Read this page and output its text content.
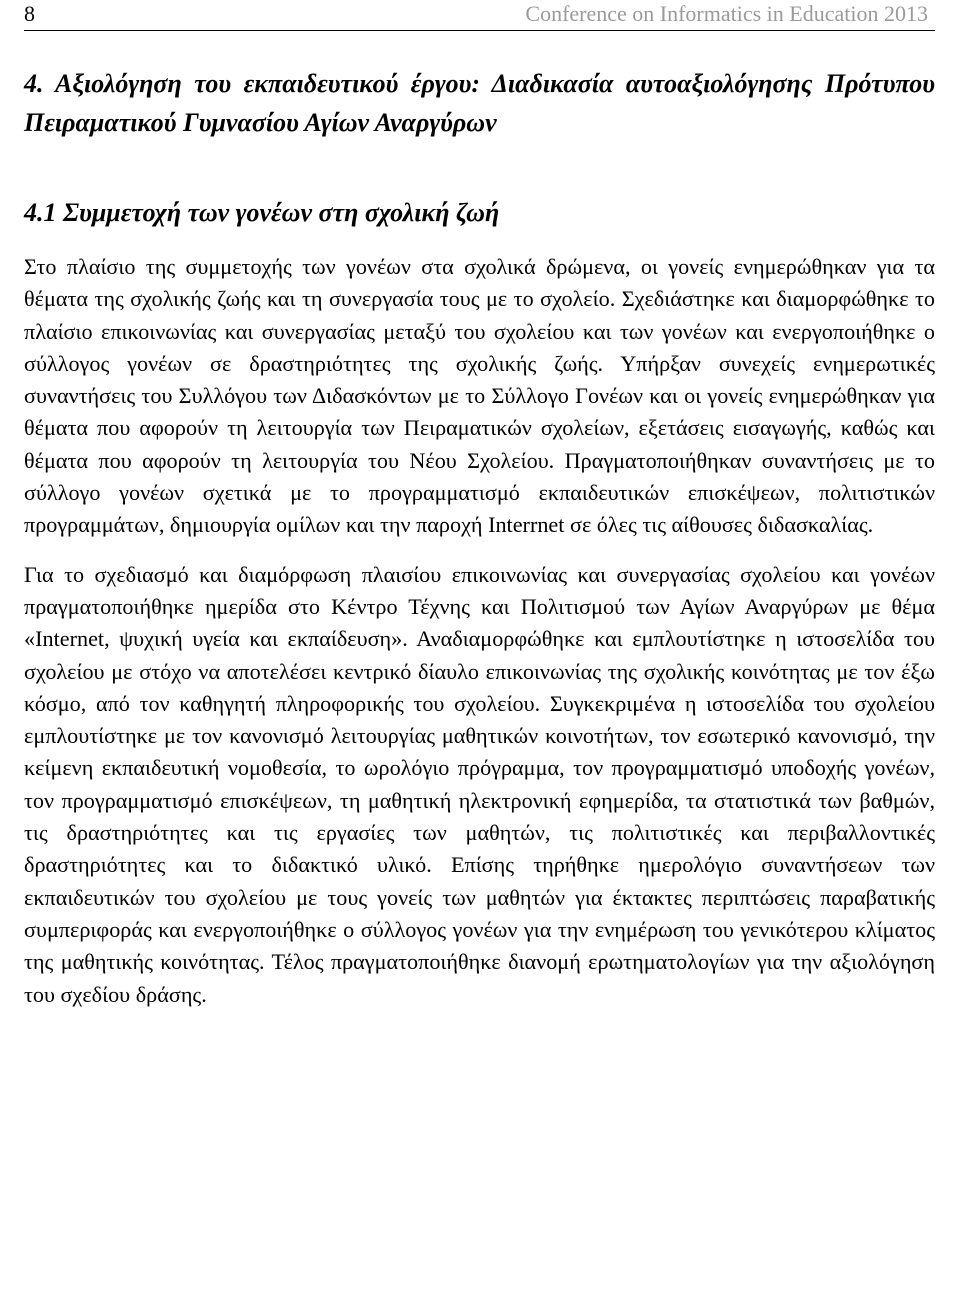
8	Conference on Informatics in Education 2013
4. Αξιολόγηση του εκπαιδευτικού έργου: Διαδικασία αυτοαξιολόγησης Πρότυπου Πειραματικού Γυμνασίου Αγίων Αναργύρων
4.1 Συμμετοχή των γονέων στη σχολική ζωή

Στο πλαίσιο της συμμετοχής των γονέων στα σχολικά δρώμενα, οι γονείς ενημερώθηκαν για τα θέματα της σχολικής ζωής και τη συνεργασία τους με το σχολείο. Σχεδιάστηκε και διαμορφώθηκε το πλαίσιο επικοινωνίας και συνεργασίας μεταξύ του σχολείου και των γονέων και ενεργοποιήθηκε ο σύλλογος γονέων σε δραστηριότητες της σχολικής ζωής. Υπήρξαν συνεχείς ενημερωτικές συναντήσεις του Συλλόγου των Διδασκόντων με το Σύλλογο Γονέων και οι γονείς ενημερώθηκαν για θέματα που αφορούν τη λειτουργία των Πειραματικών σχολείων, εξετάσεις εισαγωγής, καθώς και θέματα που αφορούν τη λειτουργία του Νέου Σχολείου. Πραγματοποιήθηκαν συναντήσεις με το σύλλογο γονέων σχετικά με το προγραμματισμό εκπαιδευτικών επισκέψεων, πολιτιστικών προγραμμάτων, δημιουργία ομίλων και την παροχή Interrnet σε όλες τις αίθουσες διδασκαλίας.

Για το σχεδιασμό και διαμόρφωση πλαισίου επικοινωνίας και συνεργασίας σχολείου και γονέων πραγματοποιήθηκε ημερίδα στο Κέντρο Τέχνης και Πολιτισμού των Αγίων Αναργύρων με θέμα «Internet, ψυχική υγεία και εκπαίδευση». Αναδιαμορφώθηκε και εμπλουτίστηκε η ιστοσελίδα του σχολείου με στόχο να αποτελέσει κεντρικό δίαυλο επικοινωνίας της σχολικής κοινότητας με τον έξω κόσμο, από τον καθηγητή πληροφορικής του σχολείου. Συγκεκριμένα η ιστοσελίδα του σχολείου εμπλουτίστηκε με τον κανονισμό λειτουργίας μαθητικών κοινοτήτων, τον εσωτερικό κανονισμό, την κείμενη εκπαιδευτική νομοθεσία, το ωρολόγιο πρόγραμμα, τον προγραμματισμό υποδοχής γονέων, τον προγραμματισμό επισκέψεων, τη μαθητική ηλεκτρονική εφημερίδα, τα στατιστικά των βαθμών, τις δραστηριότητες και τις εργασίες των μαθητών, τις πολιτιστικές και περιβαλλοντικές δραστηριότητες και το διδακτικό υλικό. Επίσης τηρήθηκε ημερολόγιο συναντήσεων των εκπαιδευτικών του σχολείου με τους γονείς των μαθητών για έκτακτες περιπτώσεις παραβατικής συμπεριφοράς και ενεργοποιήθηκε ο σύλλογος γονέων για την ενημέρωση του γενικότερου κλίματος της μαθητικής κοινότητας. Τέλος πραγματοποιήθηκε διανομή ερωτηματολογίων για την αξιολόγηση του σχεδίου δράσης.
